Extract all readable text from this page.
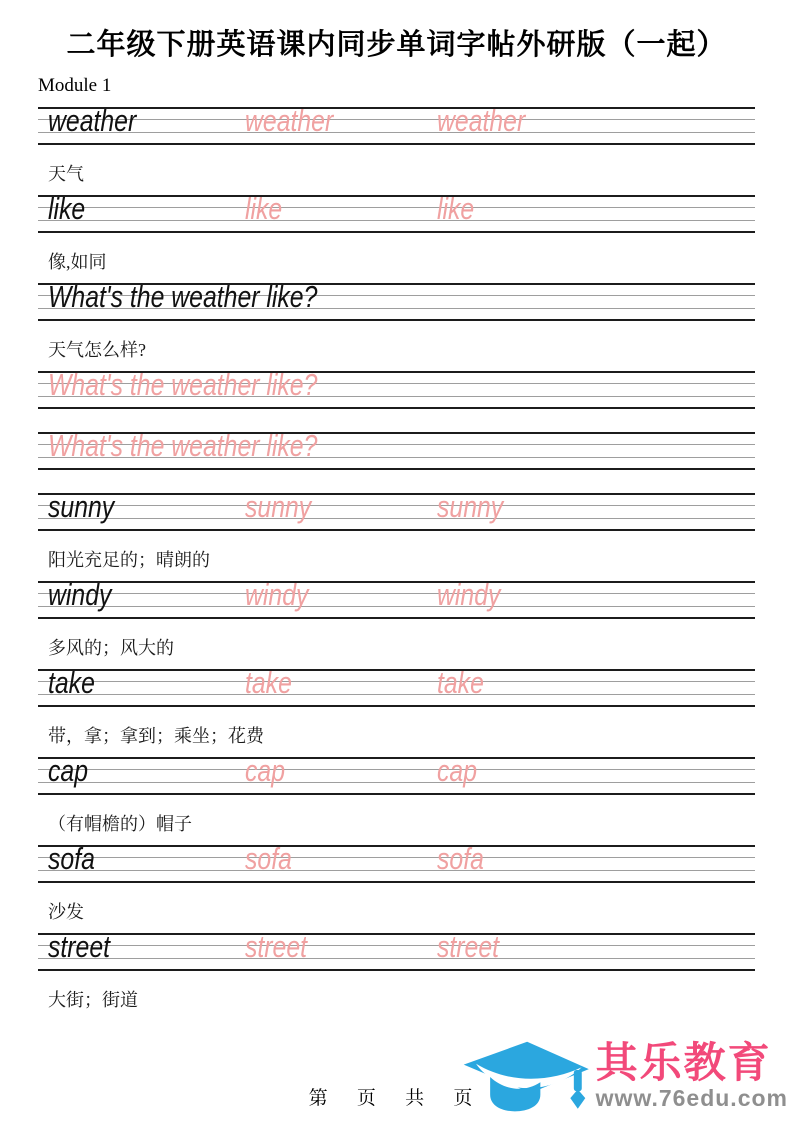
二年级下册英语课内同步单词字帖外研版（一起）
Module 1
weather	weather	weather
天气
like	like	like
像,如同
What's the weather like?
天气怎么样?
What's the weather like?
What's the weather like?
sunny	sunny	sunny
阳光充足的；晴朗的
windy	windy	windy
多风的；风大的
take	take	take
带，拿；拿到；乘坐；花费
cap	cap	cap
（有帽檐的）帽子
sofa	sofa	sofa
沙发
street	street	street
大街；街道
第 页 共 页
其乐教育
www.76edu.com
